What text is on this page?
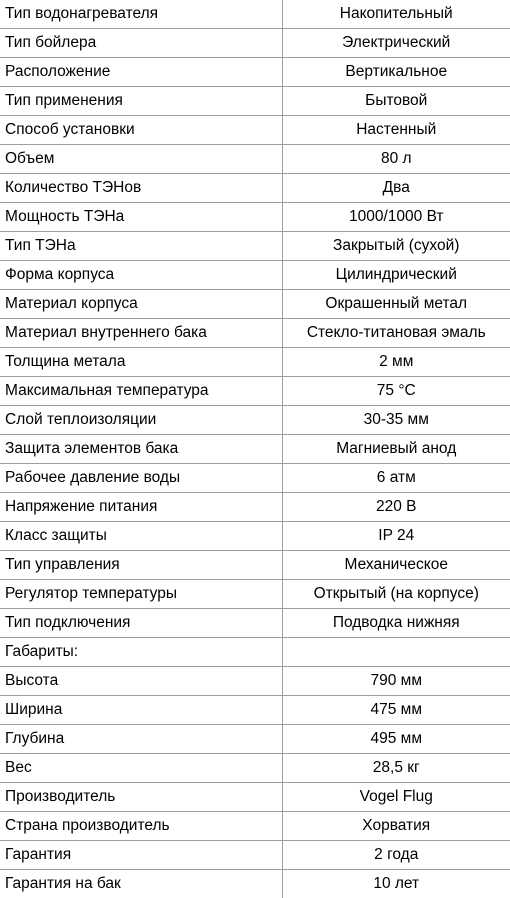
Тип водонагревателя	Накопительный
Тип бойлера	Электрический
Расположение	Вертикальное
Тип применения	Бытовой
Способ установки	Настенный
Объем	80 л
Количество ТЭНов	Два
Мощность ТЭНа	1000/1000 Вт
Тип ТЭНа	Закрытый (сухой)
Форма корпуса	Цилиндрический
Материал корпуса	Окрашенный метал
Материал внутреннего бака	Стекло-титановая эмаль
Толщина метала	2 мм
Максимальная температура	75 °C
Слой теплоизоляции	30-35 мм
Защита элементов бака	Магниевый анод
Рабочее давление воды	6 атм
Напряжение питания	220 В
Класс защиты	IP 24
Тип управления	Механическое
Регулятор температуры	Открытый (на корпусе)
Тип подключения	Подводка нижняя
Габариты:	
Высота	790 мм
Ширина	475 мм
Глубина	495 мм
Вес	28,5 кг
Производитель	Vogel Flug
Страна производитель	Хорватия
Гарантия	2 года
Гарантия на бак	10 лет
